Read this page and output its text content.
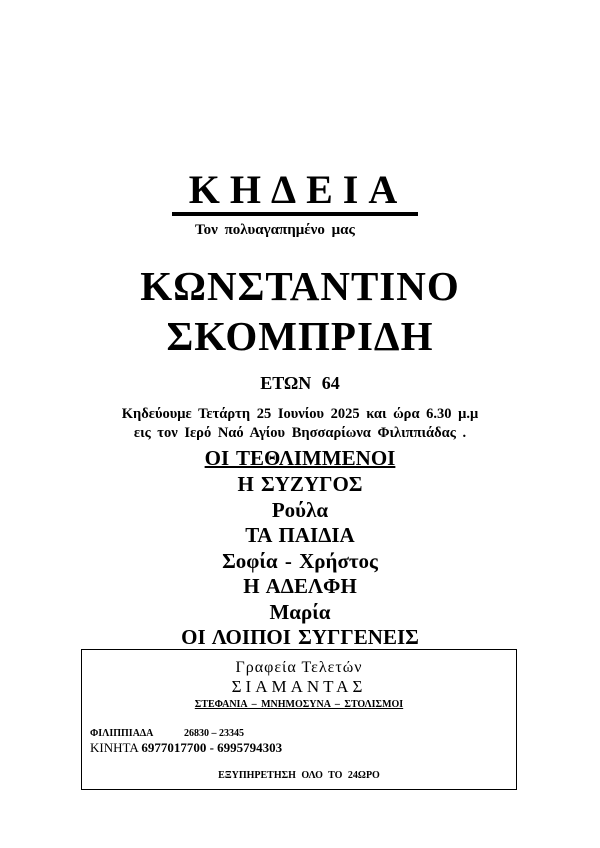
ΚΗΔΕΙΑ
Τον πολυαγαπημένο μας
ΚΩΝΣΤΑΝΤΙΝΟ
ΣΚΟΜΠΡΙΔΗ
ΕΤΩΝ 64
Κηδεύουμε Τετάρτη 25 Ιουνίου 2025 και ώρα 6.30 μ.μ
εις τον Ιερό Ναό Αγίου Βησσαρίωνα Φιλιππιάδας .
ΟΙ ΤΕΘΛΙΜΜΕΝΟΙ
Η ΣΥΖΥΓΟΣ
Ρούλα
ΤΑ ΠΑΙΔΙΑ
Σοφία - Χρήστος
Η ΑΔΕΛΦΗ
Μαρία
ΟΙ ΛΟΙΠΟΙ ΣΥΓΓΕΝΕΙΣ
Γραφεία Τελετών
ΣΙΑΜΑΝΤΑΣ
ΣΤΕΦΑΝΙΑ – ΜΝΗΜΟΣΥΝΑ – ΣΤΟΛΙΣΜΟΙ
ΦΙΛΙΠΠΙΑΔΑ	26830 – 23345
ΚΙΝΗΤΑ 6977017700 - 6995794303
ΕΞΥΠΗΡΕΤΗΣΗ ΟΛΟ ΤΟ 24ΩΡΟ
